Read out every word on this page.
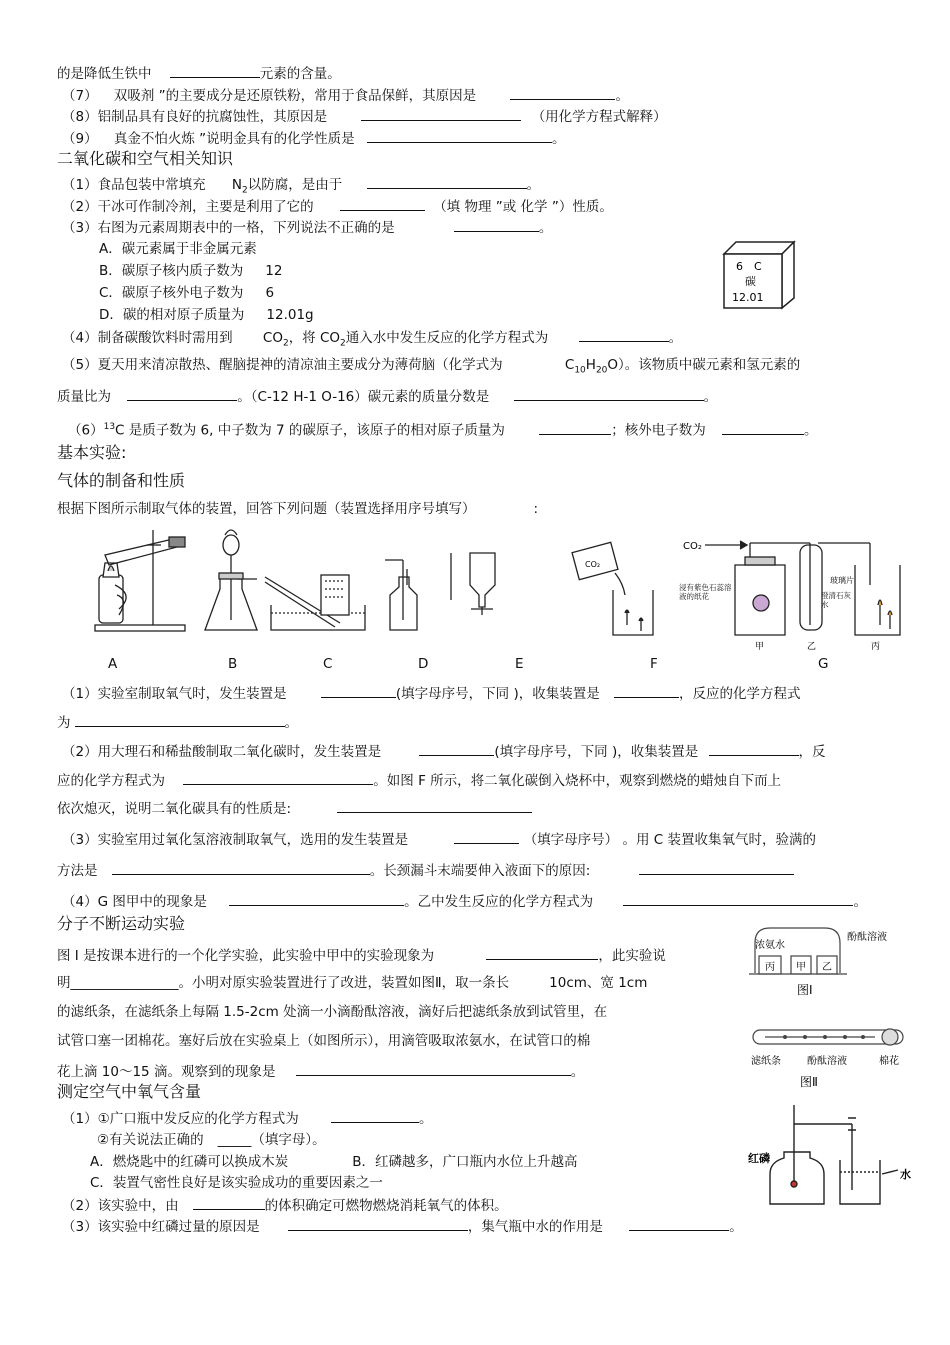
的是降低生铁中	元素的含量。
（7） 双吸剂 ”的主要成分是还原铁粉，常用于食品保鲜，其原因是	。
（8）铝制品具有良好的抗腐蚀性，其原因是	（用化学方程式解释）
（9） 真金不怕火炼 ”说明金具有的化学性质是	。
二氧化碳和空气相关知识
（1）食品包装中常填充 $N_2$以防腐，是由于	。
（2）干冰可作制冷剂，主要是利用了它的	（填 物理 ”或 化学 ”）性质。
（3）右图为元素周期表中的一格，下列说法不正确的是	。
A．碳元素属于非金属元素
B．碳原子核内质子数为 12
C．碳原子核外电子数为 6
D．碳的相对原子质量为 12.01g
6 C
碳
12.01
（4）制备碳酸饮料时需用到 $CO_2$，将 $CO_2$通入水中发生反应的化学方程式为	。
（5）夏天用来清凉散热、醒脑提神的清凉油主要成分为薄荷脑（化学式为	$C_{10}H_{20}O$）。该物质中碳元素和氢元素的
质量比为	。（C-12 H-1 O-16）碳元素的质量分数是	。
$(6)^{13}C$ 是质子数为 6, 中子数为 7 的碳原子，该原子的相对原子质量为	；核外电子数为	。
基本实验:
气体的制备和性质
根据下图所示制取气体的装置，回答下列问题（装置选择用序号填写）	:
CO₂
CO₂
浸有紫色石蕊溶液的纸花
玻璃片
澄清石灰水
甲	乙	丙
A	B	C	D	E	F	G
（1）实验室制取氧气时，发生装置是	(填字母序号，下同 )，收集装置是	，反应的化学方程式
为	。
（2）用大理石和稀盐酸制取二氧化碳时，发生装置是	(填字母序号，下同 )，收集装置是	，反
应的化学方程式为	。如图 F 所示，将二氧化碳倒入烧杯中，观察到燃烧的蜡烛自下而上
依次熄灭，说明二氧化碳具有的性质是:
（3）实验室用过氧化氢溶液制取氧气，选用的发生装置是	（填字母序号） 。用 C 装置收集氧气时，验满的
方法是	。长颈漏斗末端要伸入液面下的原因:
（4）G 图甲中的现象是	。乙中发生反应的化学方程式为	。
分子不断运动实验
图 I 是按课本进行的一个化学实验，此实验中甲中的实验现象为	，此实验说
明________________。小明对原实验装置进行了改进，装置如图Ⅱ，取一条长	10cm、宽 1cm
的滤纸条，在滤纸条上每隔 1.5-2cm 处滴一小滴酚酞溶液，滴好后把滤纸条放到试管里，在
试管口塞一团棉花。塞好后放在实验桌上（如图所示），用滴管吸取浓氨水，在试管口的棉
花上滴 10～15 滴。观察到的现象是	。
浓氨水
酚酞溶液
丙 甲 乙
图Ⅰ
滤纸条	酚酞溶液	棉花
图Ⅱ
测定空气中氧气含量
（1）①广口瓶中发反应的化学方程式为	。
②有关说法正确的 _____（填字母）。
A．燃烧匙中的红磷可以换成木炭	B．红磷越多，广口瓶内水位上升越高
C．装置气密性良好是该实验成功的重要因素之一
（2）该实验中，由	的体积确定可燃物燃烧消耗氧气的体积。
（3）该实验中红磷过量的原因是	，集气瓶中水的作用是	。
红磷
水
